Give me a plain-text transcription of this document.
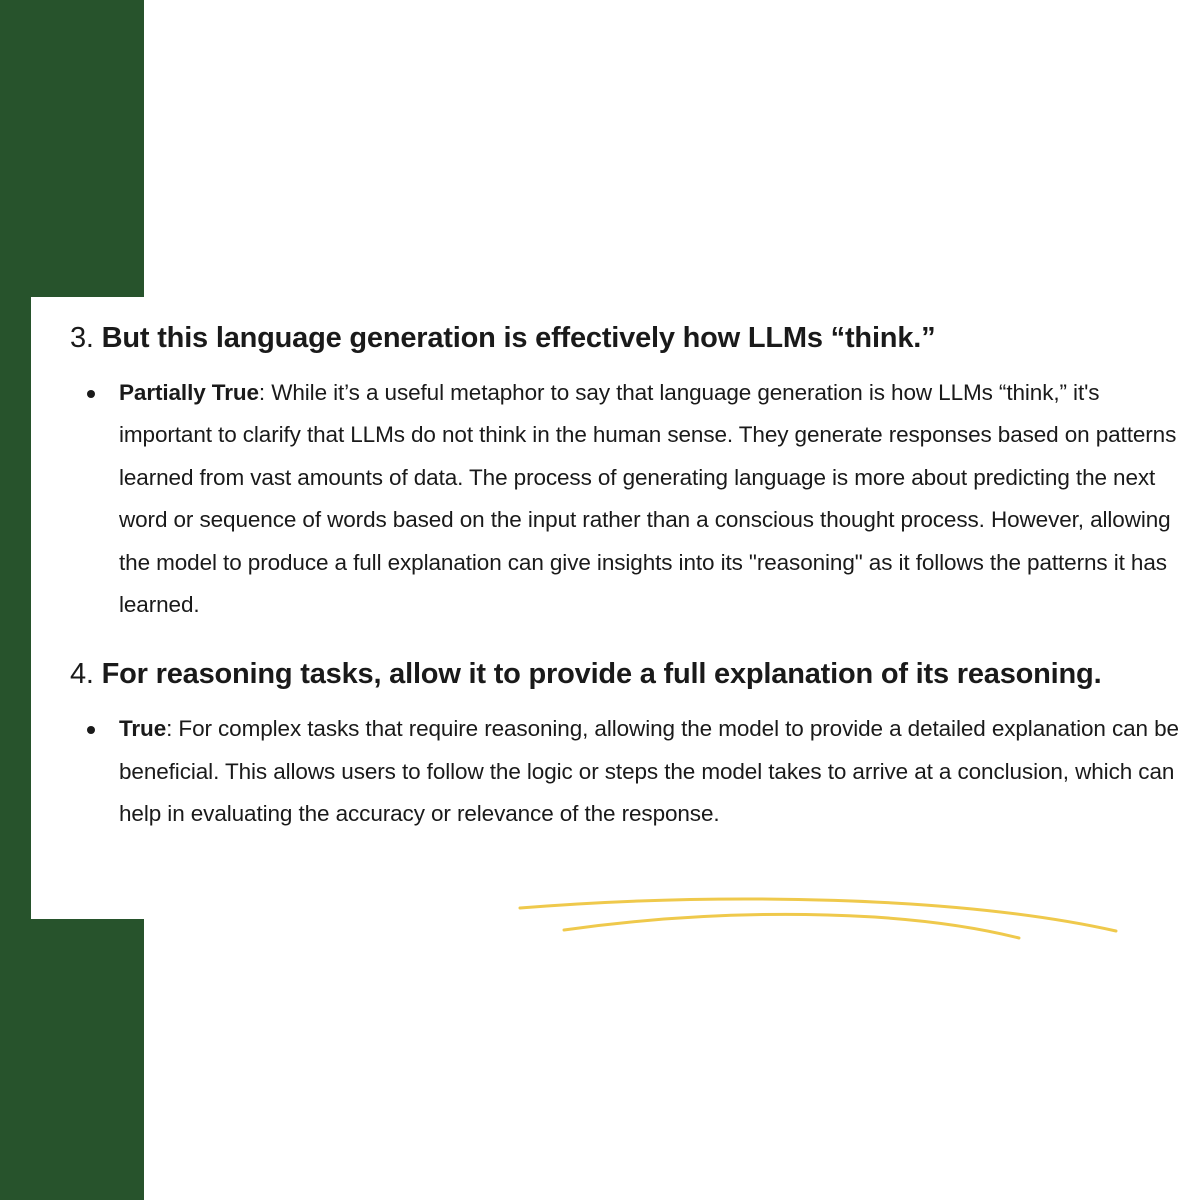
3. But this language generation is effectively how LLMs “think.”
Partially True: While it’s a useful metaphor to say that language generation is how LLMs “think,” it's important to clarify that LLMs do not think in the human sense. They generate responses based on patterns learned from vast amounts of data. The process of generating language is more about predicting the next word or sequence of words based on the input rather than a conscious thought process. However, allowing the model to produce a full explanation can give insights into its "reasoning" as it follows the patterns it has learned.
4. For reasoning tasks, allow it to provide a full explanation of its reasoning.
True: For complex tasks that require reasoning, allowing the model to provide a detailed explanation can be beneficial. This allows users to follow the logic or steps the model takes to arrive at a conclusion, which can help in evaluating the accuracy or relevance of the response.
